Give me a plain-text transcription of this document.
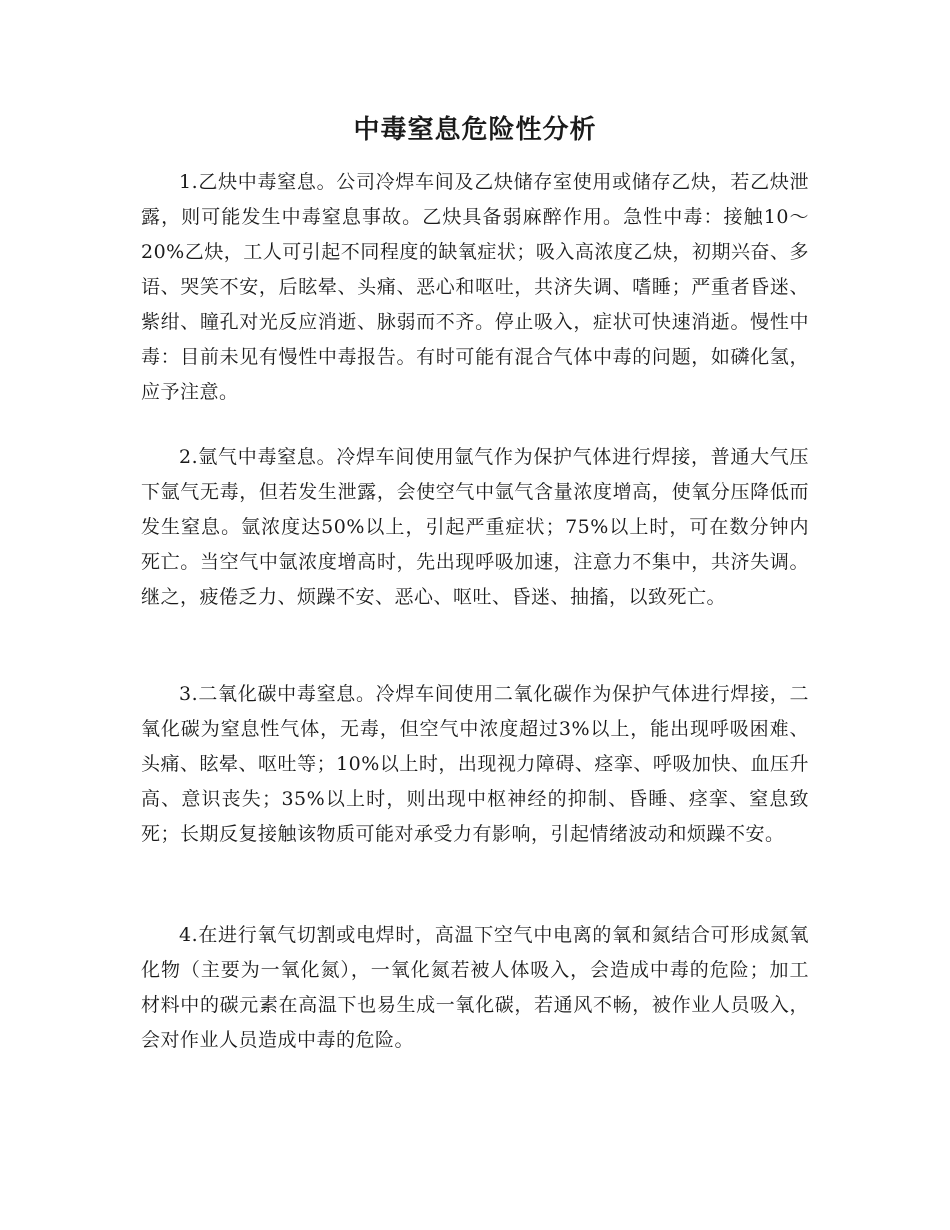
中毒窒息危险性分析

1.乙炔中毒窒息。公司冷焊车间及乙炔储存室使用或储存乙炔，若乙炔泄露，则可能发生中毒窒息事故。乙炔具备弱麻醉作用。急性中毒：接触10～20%乙炔，工人可引起不同程度的缺氧症状；吸入高浓度乙炔，初期兴奋、多语、哭笑不安，后眩晕、头痛、恶心和呕吐，共济失调、嗜睡；严重者昏迷、紫绀、瞳孔对光反应消逝、脉弱而不齐。停止吸入，症状可快速消逝。慢性中毒：目前未见有慢性中毒报告。有时可能有混合气体中毒的问题，如磷化氢，应予注意。

2.氩气中毒窒息。冷焊车间使用氩气作为保护气体进行焊接，普通大气压下氩气无毒，但若发生泄露，会使空气中氩气含量浓度增高，使氧分压降低而发生窒息。氩浓度达50%以上，引起严重症状；75%以上时，可在数分钟内死亡。当空气中氩浓度增高时，先出现呼吸加速，注意力不集中，共济失调。继之，疲倦乏力、烦躁不安、恶心、呕吐、昏迷、抽搐，以致死亡。

3.二氧化碳中毒窒息。冷焊车间使用二氧化碳作为保护气体进行焊接，二氧化碳为窒息性气体，无毒，但空气中浓度超过3%以上，能出现呼吸困难、头痛、眩晕、呕吐等；10%以上时，出现视力障碍、痉挛、呼吸加快、血压升高、意识丧失；35%以上时，则出现中枢神经的抑制、昏睡、痉挛、窒息致死；长期反复接触该物质可能对承受力有影响，引起情绪波动和烦躁不安。

4.在进行氧气切割或电焊时，高温下空气中电离的氧和氮结合可形成氮氧化物（主要为一氧化氮），一氧化氮若被人体吸入，会造成中毒的危险；加工材料中的碳元素在高温下也易生成一氧化碳，若通风不畅，被作业人员吸入，会对作业人员造成中毒的危险。
